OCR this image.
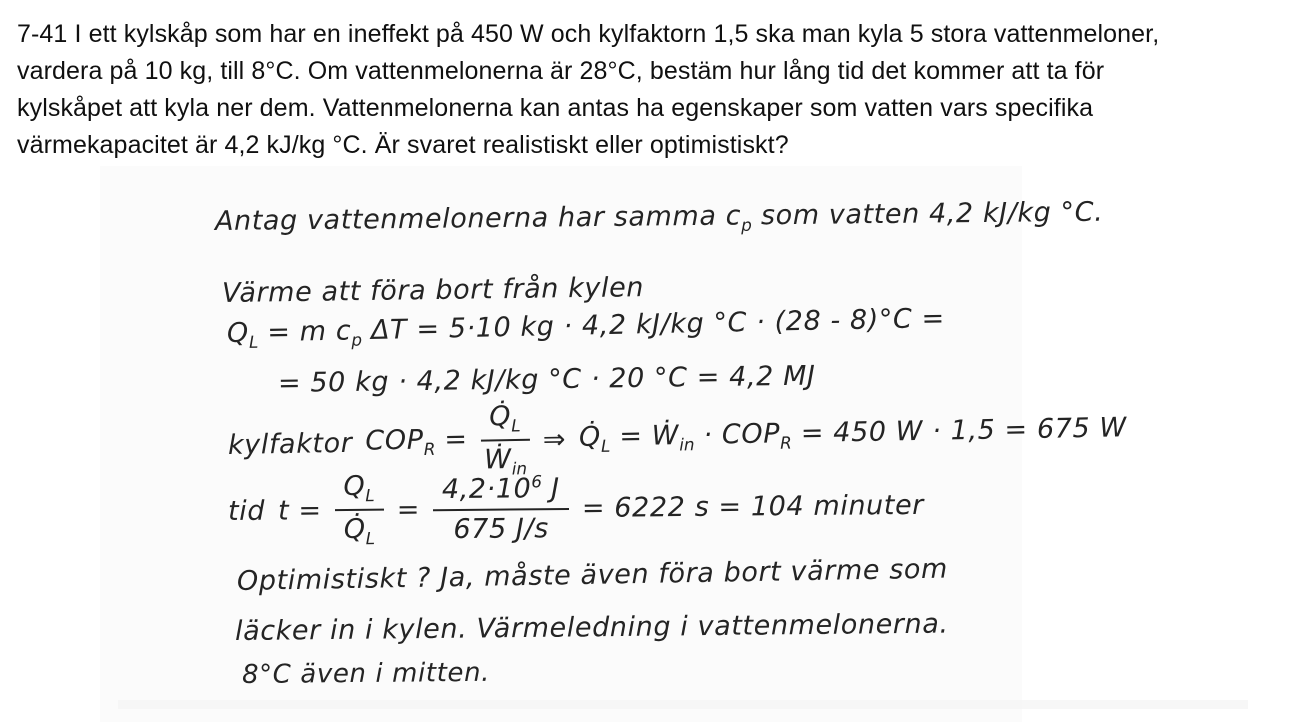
7-41 I ett kylskåp som har en ineffekt på 450 W och kylfaktorn 1,5 ska man kyla 5 stora vattenmeloner,
vardera på 10 kg, till 8°C. Om vattenmelonerna är 28°C, bestäm hur lång tid det kommer att ta för
kylskåpet att kyla ner dem. Vattenmelonerna kan antas ha egenskaper som vatten vars specifika
värmekapacitet är 4,2 kJ/kg °C. Är svaret realistiskt eller optimistiskt?
Antag vattenmelonerna har samma $c_p$ som vatten 4,2 kJ/kg °C.
Värme att föra bort från kylen
$Q_L = m$ $c_p$ ΔT = 5·10 kg · 4,2 kJ/kg °C · (28 - 8)°C =
= 50 kg · 4,2 kJ/kg °C · 20 °C = 4,2 MJ
kylfaktor $COP_R = \frac{Q̇_L}{Ẇ_{in}}$ ⇒ $Q̇_L$ = Ẇ$_{in}$ · $COP_R = 450$ W · 1,5 = 675 W
tid $t = \frac{Q_L}{Q̇_L} = \frac{4,2\cdot 10^6 J}{675 J/s} = 6222$ s = 104 minuter
Optimistiskt ? Ja, måste även föra bort värme som
läcker in i kylen. Värmeledning i vattenmelonerna.
8°C även i mitten.
